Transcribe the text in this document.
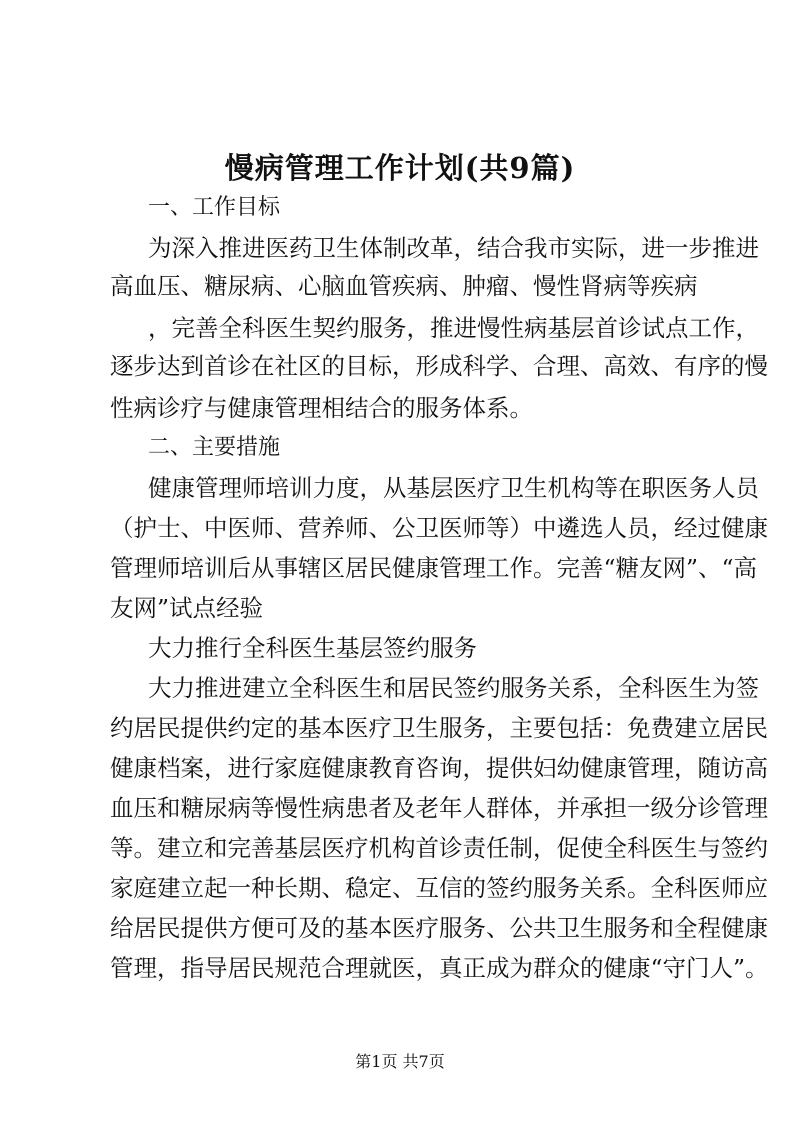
慢病管理工作计划(共9篇)

一、工作目标

为深入推进医药卫生体制改革，结合我市实际，进一步推进

高血压、糖尿病、心脑血管疾病、肿瘤、慢性肾病等疾病

，完善全科医生契约服务，推进慢性病基层首诊试点工作，

逐步达到首诊在社区的目标，形成科学、合理、高效、有序的慢

性病诊疗与健康管理相结合的服务体系。

二、主要措施

健康管理师培训力度，从基层医疗卫生机构等在职医务人员

（护士、中医师、营养师、公卫医师等）中遴选人员，经过健康

管理师培训后从事辖区居民健康管理工作。完善“糖友网”、“高

友网”试点经验

大力推行全科医生基层签约服务

大力推进建立全科医生和居民签约服务关系，全科医生为签

约居民提供约定的基本医疗卫生服务，主要包括：免费建立居民

健康档案，进行家庭健康教育咨询，提供妇幼健康管理，随访高

血压和糖尿病等慢性病患者及老年人群体，并承担一级分诊管理

等。建立和完善基层医疗机构首诊责任制，促使全科医生与签约

家庭建立起一种长期、稳定、互信的签约服务关系。全科医师应

给居民提供方便可及的基本医疗服务、公共卫生服务和全程健康

管理，指导居民规范合理就医，真正成为群众的健康“守门人”。

第1页 共7页
